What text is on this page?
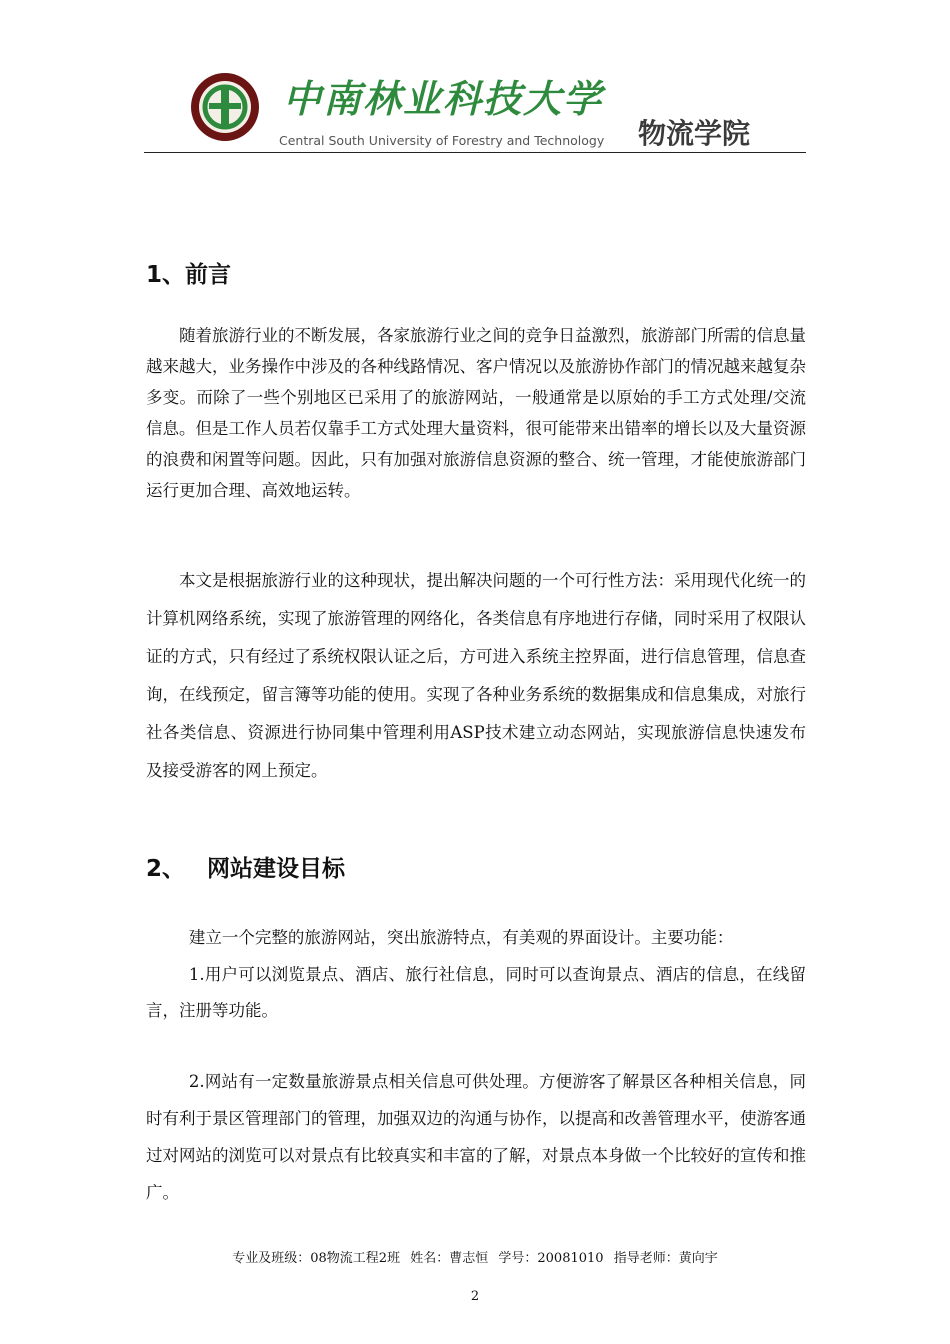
中南林业科技大学
Central South University of Forestry and Technology 物流学院
1、前言
随着旅游行业的不断发展，各家旅游行业之间的竞争日益激烈，旅游部门所需的信息量越来越大，业务操作中涉及的各种线路情况、客户情况以及旅游协作部门的情况越来越复杂多变。而除了一些个别地区已采用了的旅游网站，一般通常是以原始的手工方式处理/交流信息。但是工作人员若仅靠手工方式处理大量资料，很可能带来出错率的增长以及大量资源的浪费和闲置等问题。因此，只有加强对旅游信息资源的整合、统一管理，才能使旅游部门运行更加合理、高效地运转。
本文是根据旅游行业的这种现状，提出解决问题的一个可行性方法：采用现代化统一的计算机网络系统，实现了旅游管理的网络化，各类信息有序地进行存储，同时采用了权限认证的方式，只有经过了系统权限认证之后，方可进入系统主控界面，进行信息管理，信息查询，在线预定，留言簿等功能的使用。实现了各种业务系统的数据集成和信息集成，对旅行社各类信息、资源进行协同集中管理利用ASP技术建立动态网站，实现旅游信息快速发布及接受游客的网上预定。
2、 网站建设目标
建立一个完整的旅游网站，突出旅游特点，有美观的界面设计。主要功能：
1.用户可以浏览景点、酒店、旅行社信息，同时可以查询景点、酒店的信息，在线留言，注册等功能。
2.网站有一定数量旅游景点相关信息可供处理。方便游客了解景区各种相关信息，同时有利于景区管理部门的管理，加强双边的沟通与协作，以提高和改善管理水平，使游客通过对网站的浏览可以对景点有比较真实和丰富的了解，对景点本身做一个比较好的宣传和推广。
专业及班级：08物流工程2班 姓名：曹志恒 学号：20081010 指导老师：黄向宇
2
